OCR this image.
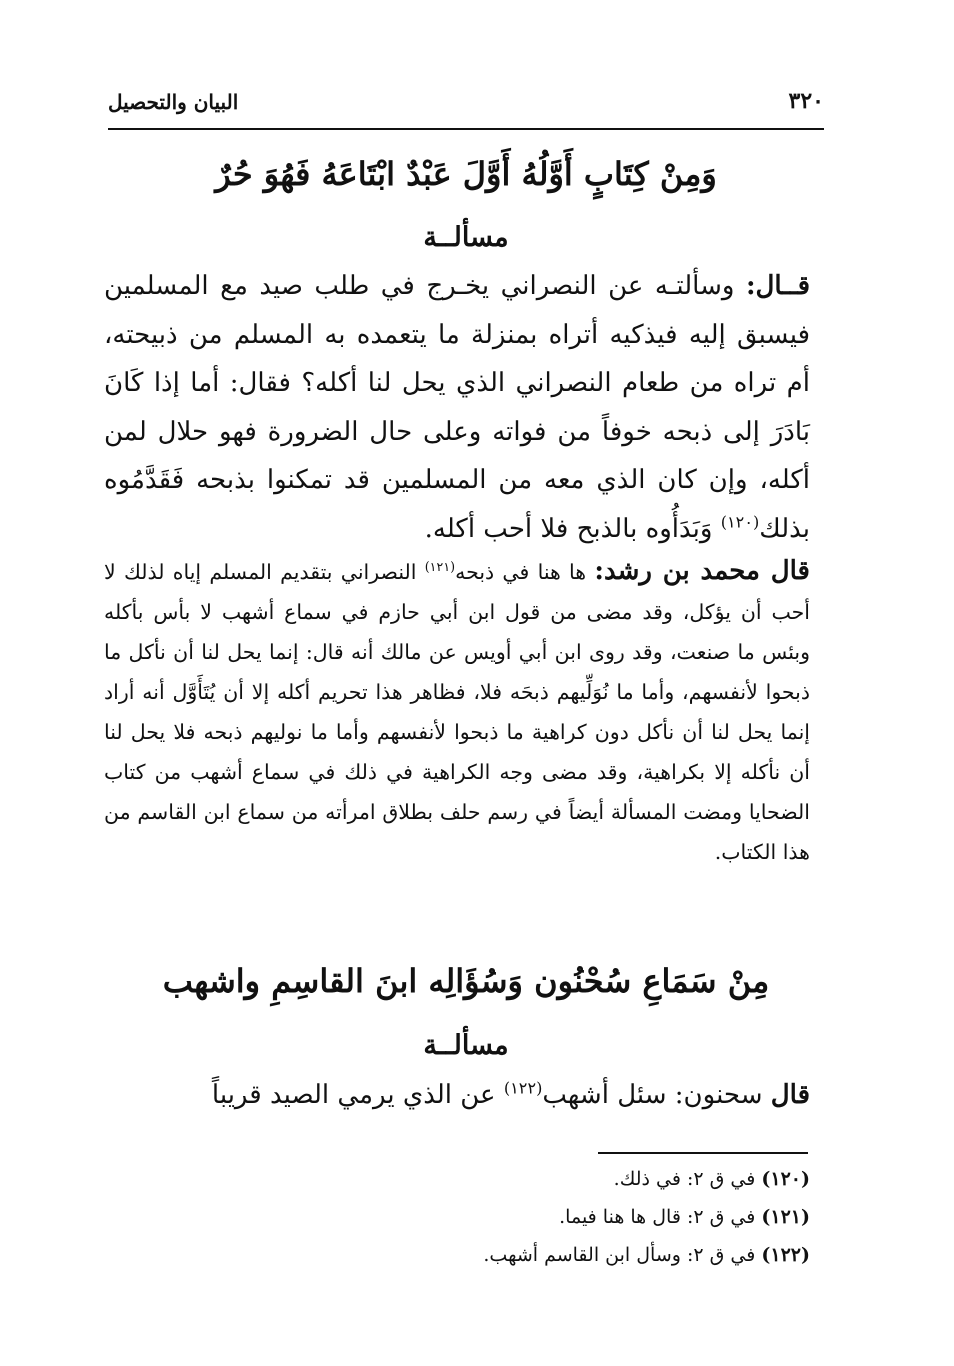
٣٢٠
البيان والتحصيل
وَمِنْ كِتَابٍ أَوَّلُهُ أَوَّلَ عَبْدٌ ابْتَاعَهُ فَهُوَ حُرٌ
مسألــة

قــال: وسألتـه عن النصراني يخـرج في طلب صيد مع المسلمين فيسبق إليه فيذكيه أتراه بمنزلة ما يتعمده به المسلم من ذبيحته، أم تراه من طعام النصراني الذي يحل لنا أكله؟ فقال: أما إذا كَانَ بَادَرَ إلى ذبحه خوفاً من فواته وعلى حال الضرورة فهو حلال لمن أكله، وإن كان الذي معه من المسلمين قد تمكنوا بذبحه فَقَدَّمُوه بذلك$^{(١٢٠)}$ وَبَدَأُوه بالذبح فلا أحب أكله.

قال محمد بن رشد: ها هنا في ذبحه$^{(١٢١)}$ النصراني بتقديم المسلم إياه لذلك لا أحب أن يؤكل، وقد مضى من قول ابن أبي حازم في سماع أشهب لا بأس بأكله وبئس ما صنعت، وقد روى ابن أبي أويس عن مالك أنه قال: إنما يحل لنا أن نأكل ما ذبحوا لأنفسهم، وأما ما نُوَلِّيهم ذبحَه فلا، فظاهر هذا تحريم أكله إلا أن يُتَأَوَّل أنه أراد إنما يحل لنا أن نأكل دون كراهية ما ذبحوا لأنفسهم وأما ما نوليهم ذبحه فلا يحل لنا أن نأكله إلا بكراهية، وقد مضى وجه الكراهية في ذلك في سماع أشهب من كتاب الضحايا ومضت المسألة أيضاً في رسم حلف بطلاق امرأته من سماع ابن القاسم من هذا الكتاب.

مِنْ سَمَاعِ سُحْنُون وَسُؤَالِه ابنَ القاسِمِ واشهب
مسألــة
قال سحنون: سئل أشهب$^{(١٢٢)}$ عن الذي يرمي الصيد قريباً
(١٢٠) في ق ٢: في ذلك.
(١٢١) في ق ٢: قال ها هنا فيما.
(١٢٢) في ق ٢: وسأل ابن القاسم أشهب.
